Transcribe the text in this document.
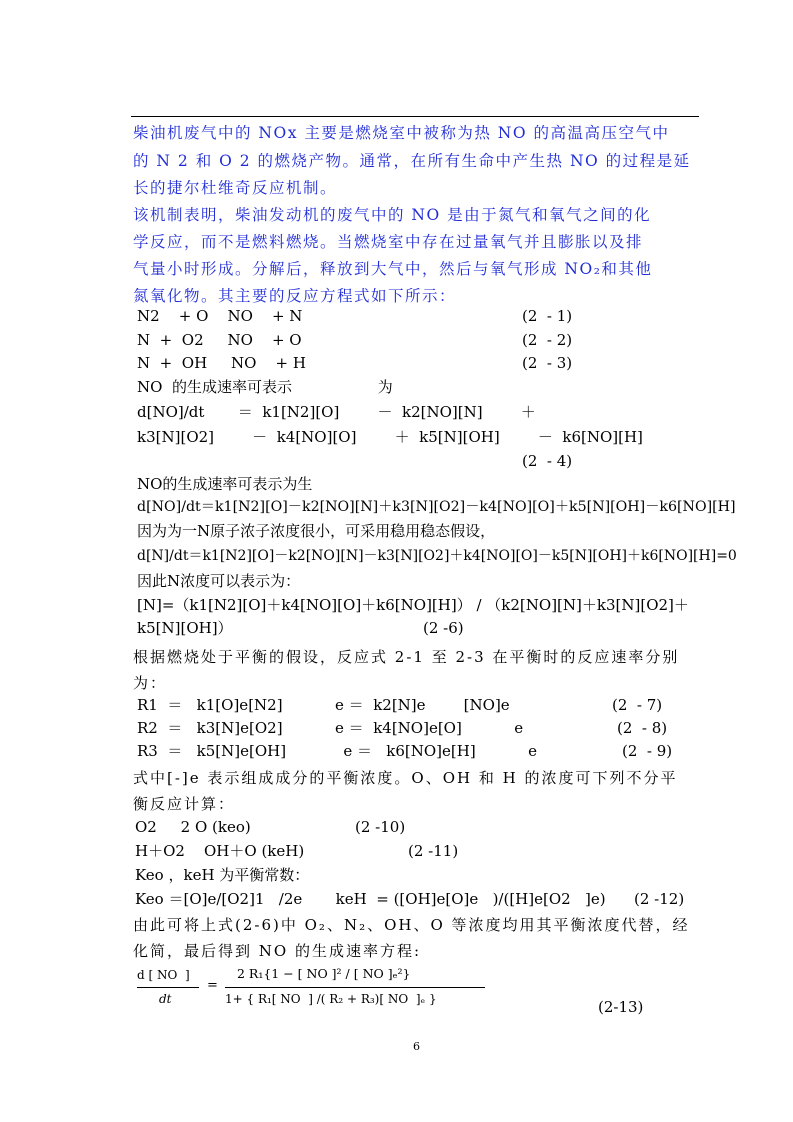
柴油机废气中的 NOx 主要是燃烧室中被称为热 NO 的高温高压空气中
的 N 2 和 O 2 的燃烧产物。通常，在所有生命中产生热 NO 的过程是延
长的捷尔杜维奇反应机制。
该机制表明，柴油发动机的废气中的 NO 是由于氮气和氧气之间的化
学反应，而不是燃料燃烧。当燃烧室中存在过量氧气并且膨胀以及排
气量小时形成。分解后，释放到大气中，然后与氧气形成 NO₂和其他
氮氧化物。其主要的反应方程式如下所示：
N2    + O    NO    + N	(2  - 1)
N  +  O2     NO    + O	(2  - 2)
N  +  OH     NO    + H	(2  - 3)
NO  的生成速率可表示                  为
d[NO]/dt       ＝  k1[N2][O]        －  k2[NO][N]        ＋
k3[N][O2]        －  k4[NO][O]        ＋  k5[N][OH]        －  k6[NO][H]
(2  - 4)
NO的生成速率可表示为生
d[NO]/dt＝k1[N2][O]－k2[NO][N]＋k3[N][O2]－k4[NO][O]＋k5[N][OH]－k6[NO][H]
因为为一N原子浓子浓度很小，可采用稳用稳态假设，
d[N]/dt＝k1[N2][O]－k2[NO][N]－k3[N][O2]＋k4[NO][O]－k5[N][OH]＋k6[NO][H]=0
因此N浓度可以表示为：
[N]=（k1[N2][O]＋k4[NO][O]＋k6[NO][H]） / （k2[NO][N]＋k3[N][O2]＋
k5[N][OH]）	(2 -6)
根据燃烧处于平衡的假设，反应式 2-1 至 2-3 在平衡时的反应速率分别
为：
R1  ＝   k1[O]e[N2]           e ＝  k2[N]e        [NO]e	(2  - 7)
R2  ＝   k3[N]e[O2]           e ＝  k4[NO]e[O]           e	(2  - 8)
R3  ＝   k5[N]e[OH]            e ＝   k6[NO]e[H]           e	(2  - 9)
式中[-]e 表示组成成分的平衡浓度。O、OH 和 H 的浓度可下列不分平
衡反应计算：
O2     2 O (keo)	(2 -10)
H＋O2    OH＋O (keH)	(2 -11)
Keo ，keH 为平衡常数：
Keo ＝[O]e/[O2]1   /2e       keH  = ([OH]e[O]e   )/([H]e[O2   ]e) (2 -12)
由此可将上式(2-6)中 O₂、N₂、OH、O 等浓度均用其平衡浓度代替，经
化简，最后得到 NO 的生成速率方程:
d [ NO  ]
dt
=
2 R₁{1 − [ NO ]² / [ NO ]ₑ²}
1+ { R₁[ NO  ] /( R₂ + R₃)[ NO  ]ₑ }	(2-13)
6
